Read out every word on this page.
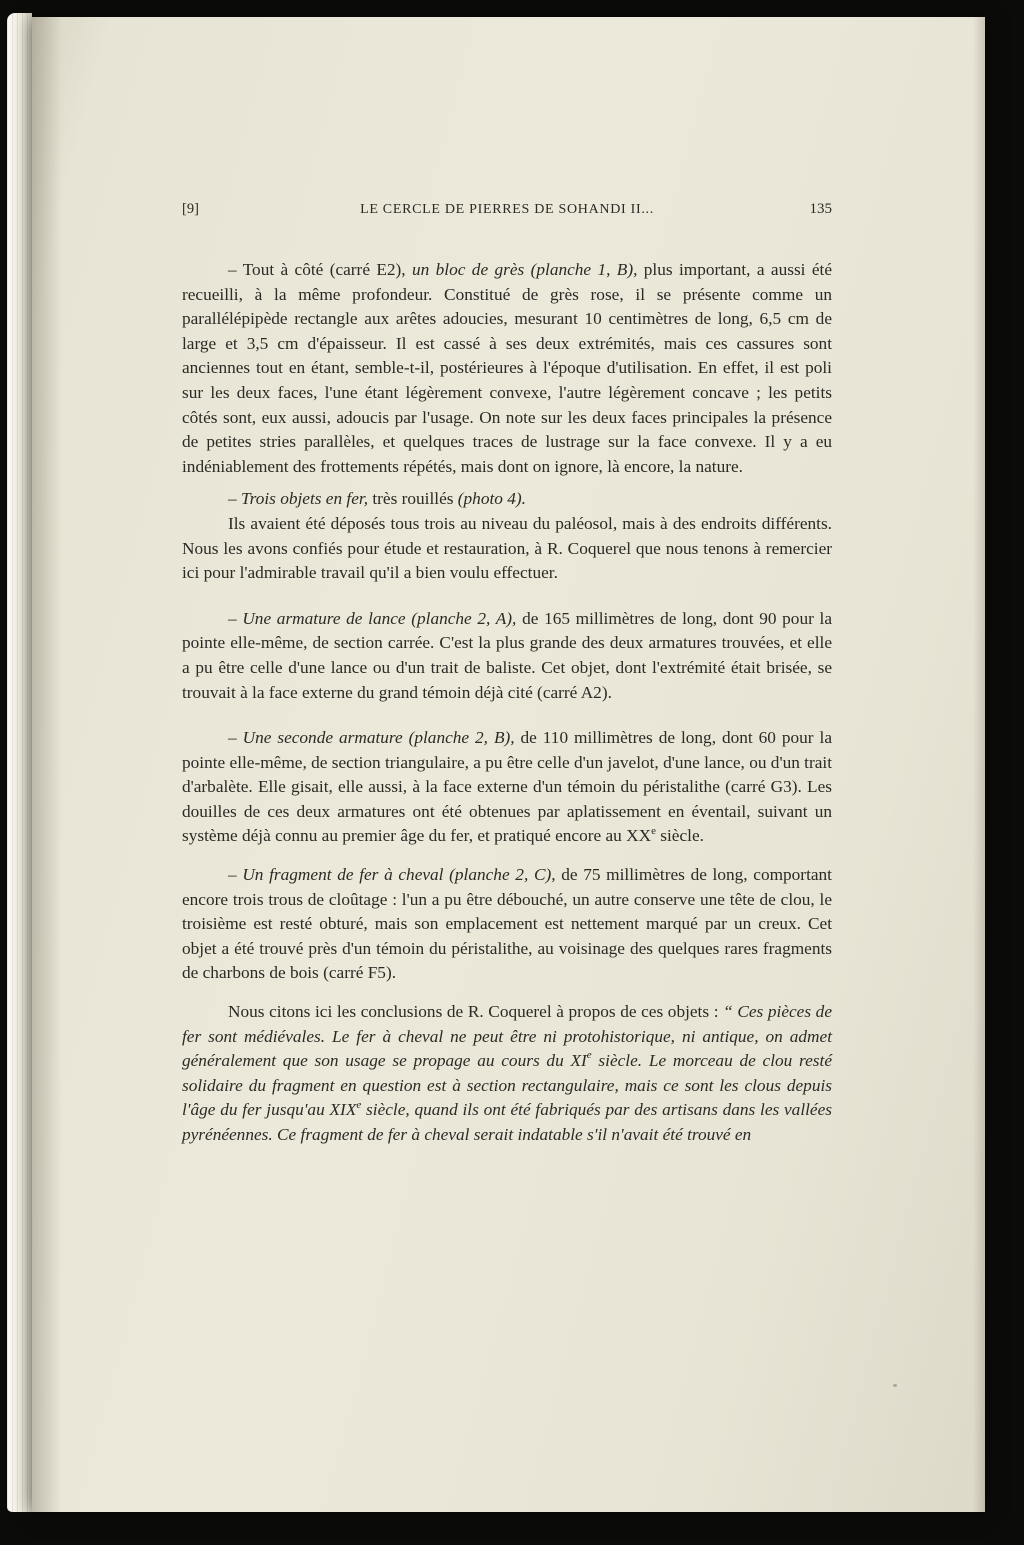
[9]	LE CERCLE DE PIERRES DE SOHANDI II...	135

– Tout à côté (carré E2), un bloc de grès (planche 1, B), plus important, a aussi été recueilli, à la même profondeur. Constitué de grès rose, il se présente comme un parallélépipède rectangle aux arêtes adoucies, mesurant 10 centimètres de long, 6,5 cm de large et 3,5 cm d'épaisseur. Il est cassé à ses deux extrémités, mais ces cassures sont anciennes tout en étant, semble-t-il, postérieures à l'époque d'utilisation. En effet, il est poli sur les deux faces, l'une étant légèrement convexe, l'autre légèrement concave ; les petits côtés sont, eux aussi, adoucis par l'usage. On note sur les deux faces principales la présence de petites stries parallèles, et quelques traces de lustrage sur la face convexe. Il y a eu indéniablement des frottements répétés, mais dont on ignore, là encore, la nature.

– Trois objets en fer, très rouillés (photo 4).

Ils avaient été déposés tous trois au niveau du paléosol, mais à des endroits différents. Nous les avons confiés pour étude et restauration, à R. Coquerel que nous tenons à remercier ici pour l'admirable travail qu'il a bien voulu effectuer.

– Une armature de lance (planche 2, A), de 165 millimètres de long, dont 90 pour la pointe elle-même, de section carrée. C'est la plus grande des deux armatures trouvées, et elle a pu être celle d'une lance ou d'un trait de baliste. Cet objet, dont l'extrémité était brisée, se trouvait à la face externe du grand témoin déjà cité (carré A2).

– Une seconde armature (planche 2, B), de 110 millimètres de long, dont 60 pour la pointe elle-même, de section triangulaire, a pu être celle d'un javelot, d'une lance, ou d'un trait d'arbalète. Elle gisait, elle aussi, à la face externe d'un témoin du péristalithe (carré G3). Les douilles de ces deux armatures ont été obtenues par aplatissement en éventail, suivant un système déjà connu au premier âge du fer, et pratiqué encore au XXe siècle.

– Un fragment de fer à cheval (planche 2, C), de 75 millimètres de long, comportant encore trois trous de cloûtage : l'un a pu être débouché, un autre conserve une tête de clou, le troisième est resté obturé, mais son emplacement est nettement marqué par un creux. Cet objet a été trouvé près d'un témoin du péristalithe, au voisinage des quelques rares fragments de charbons de bois (carré F5).

Nous citons ici les conclusions de R. Coquerel à propos de ces objets : “ Ces pièces de fer sont médiévales. Le fer à cheval ne peut être ni protohistorique, ni antique, on admet généralement que son usage se propage au cours du XIe siècle. Le morceau de clou resté solidaire du fragment en question est à section rectangulaire, mais ce sont les clous depuis l'âge du fer jusqu'au XIXe siècle, quand ils ont été fabriqués par des artisans dans les vallées pyrénéennes. Ce fragment de fer à cheval serait indatable s'il n'avait été trouvé en
